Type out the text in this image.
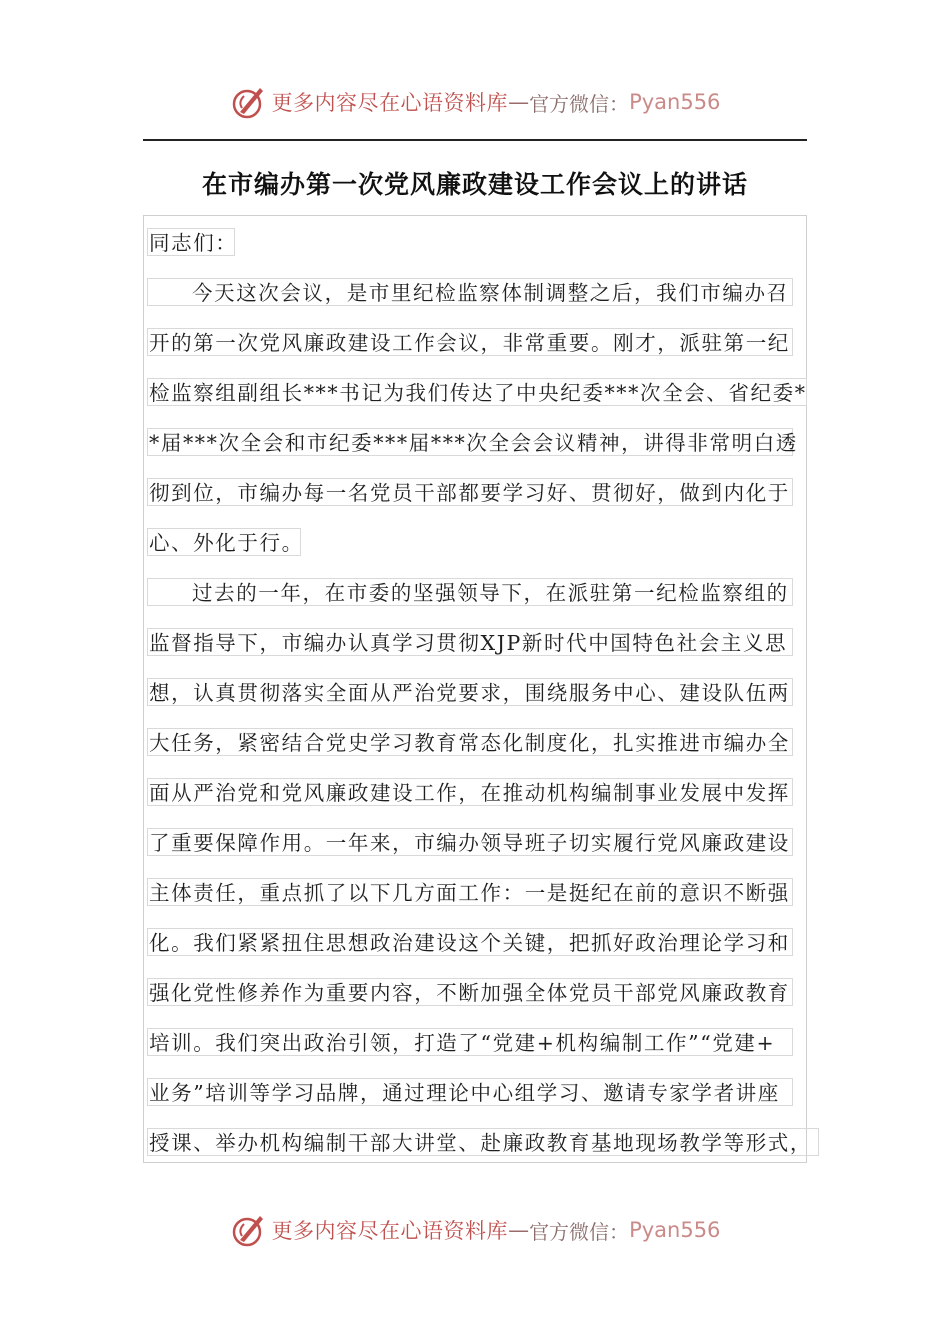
更多内容尽在心语资料库 — 官方微信： Pyan556
在市编办第一次党风廉政建设工作会议上的讲话
同志们：
今天这次会议，是市里纪检监察体制调整之后，我们市编办召
开的第一次党风廉政建设工作会议，非常重要。刚才，派驻第一纪
检监察组副组长***书记为我们传达了中央纪委***次全会、省纪委*
*届***次全会和市纪委***届***次全会会议精神，讲得非常明白透
彻到位，市编办每一名党员干部都要学习好、贯彻好，做到内化于
心、外化于行。
过去的一年，在市委的坚强领导下，在派驻第一纪检监察组的
监督指导下，市编办认真学习贯彻XJP新时代中国特色社会主义思
想，认真贯彻落实全面从严治党要求，围绕服务中心、建设队伍两
大任务，紧密结合党史学习教育常态化制度化，扎实推进市编办全
面从严治党和党风廉政建设工作，在推动机构编制事业发展中发挥
了重要保障作用。一年来，市编办领导班子切实履行党风廉政建设
主体责任，重点抓了以下几方面工作：一是挺纪在前的意识不断强
化。我们紧紧扭住思想政治建设这个关键，把抓好政治理论学习和
强化党性修养作为重要内容，不断加强全体党员干部党风廉政教育
培训。我们突出政治引领，打造了“党建+机构编制工作”“党建+
业务”培训等学习品牌，通过理论中心组学习、邀请专家学者讲座
授课、举办机构编制干部大讲堂、赴廉政教育基地现场教学等形式，
更多内容尽在心语资料库 — 官方微信： Pyan556
